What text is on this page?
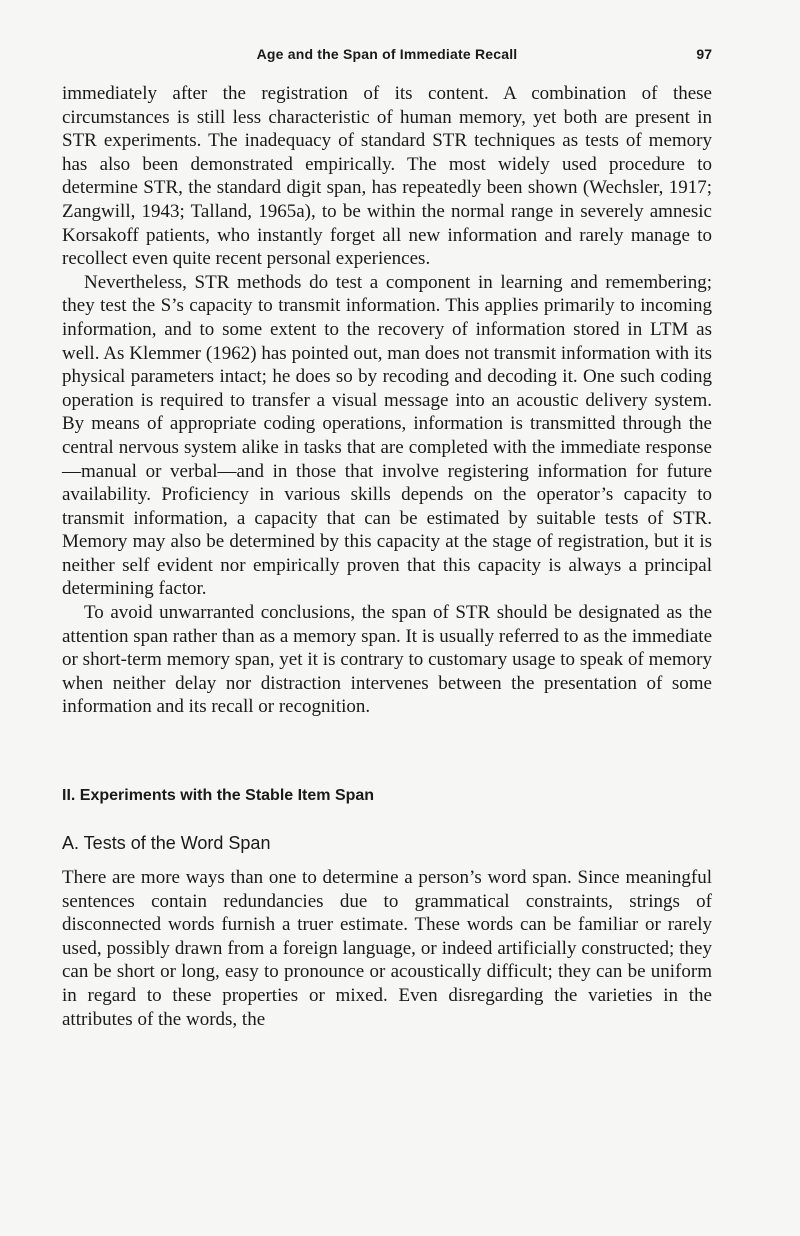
Age and the Span of Immediate Recall	97

immediately after the registration of its content. A combination of these circumstances is still less characteristic of human memory, yet both are present in STR experiments. The inadequacy of standard STR techniques as tests of memory has also been demonstrated empirically. The most widely used procedure to determine STR, the standard digit span, has repeatedly been shown (Wechsler, 1917; Zangwill, 1943; Talland, 1965a), to be within the normal range in severely amnesic Korsakoff patients, who instantly forget all new information and rarely manage to recollect even quite recent personal experiences.

Nevertheless, STR methods do test a component in learning and remembering; they test the S’s capacity to transmit information. This applies primarily to incoming information, and to some extent to the recovery of information stored in LTM as well. As Klemmer (1962) has pointed out, man does not transmit information with its physical parameters intact; he does so by recoding and decoding it. One such coding operation is required to transfer a visual message into an acoustic delivery system. By means of appropriate coding operations, information is transmitted through the central nervous system alike in tasks that are completed with the immediate response—manual or verbal—and in those that involve registering information for future availability. Proficiency in various skills depends on the operator’s capacity to transmit information, a capacity that can be estimated by suitable tests of STR. Memory may also be determined by this capacity at the stage of registration, but it is neither self evident nor empirically proven that this capacity is always a principal determining factor.

To avoid unwarranted conclusions, the span of STR should be designated as the attention span rather than as a memory span. It is usually referred to as the immediate or short-term memory span, yet it is contrary to customary usage to speak of memory when neither delay nor distraction intervenes between the presentation of some information and its recall or recognition.

II. Experiments with the Stable Item Span
A. Tests of the Word Span

There are more ways than one to determine a person’s word span. Since meaningful sentences contain redundancies due to grammatical constraints, strings of disconnected words furnish a truer estimate. These words can be familiar or rarely used, possibly drawn from a foreign language, or indeed artificially constructed; they can be short or long, easy to pronounce or acoustically difficult; they can be uniform in regard to these properties or mixed. Even disregarding the varieties in the attributes of the words, the
